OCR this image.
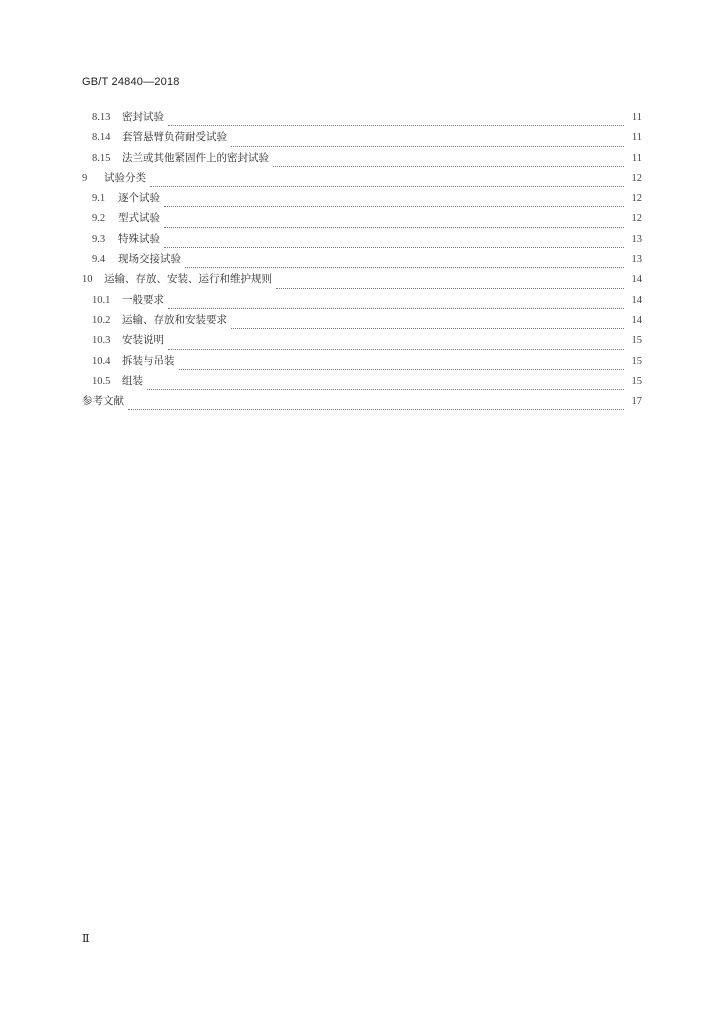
GB/T 24840—2018
8.13	密封试验	11
8.14	套管悬臂负荷耐受试验	11
8.15	法兰或其他紧固件上的密封试验	11
9	试验分类	12
9.1	逐个试验	12
9.2	型式试验	12
9.3	特殊试验	13
9.4	现场交接试验	13
10	运输、存放、安装、运行和维护规则	14
10.1	一般要求	14
10.2	运输、存放和安装要求	14
10.3	安装说明	15
10.4	拆装与吊装	15
10.5	组装	15
参考文献	17
Ⅱ
